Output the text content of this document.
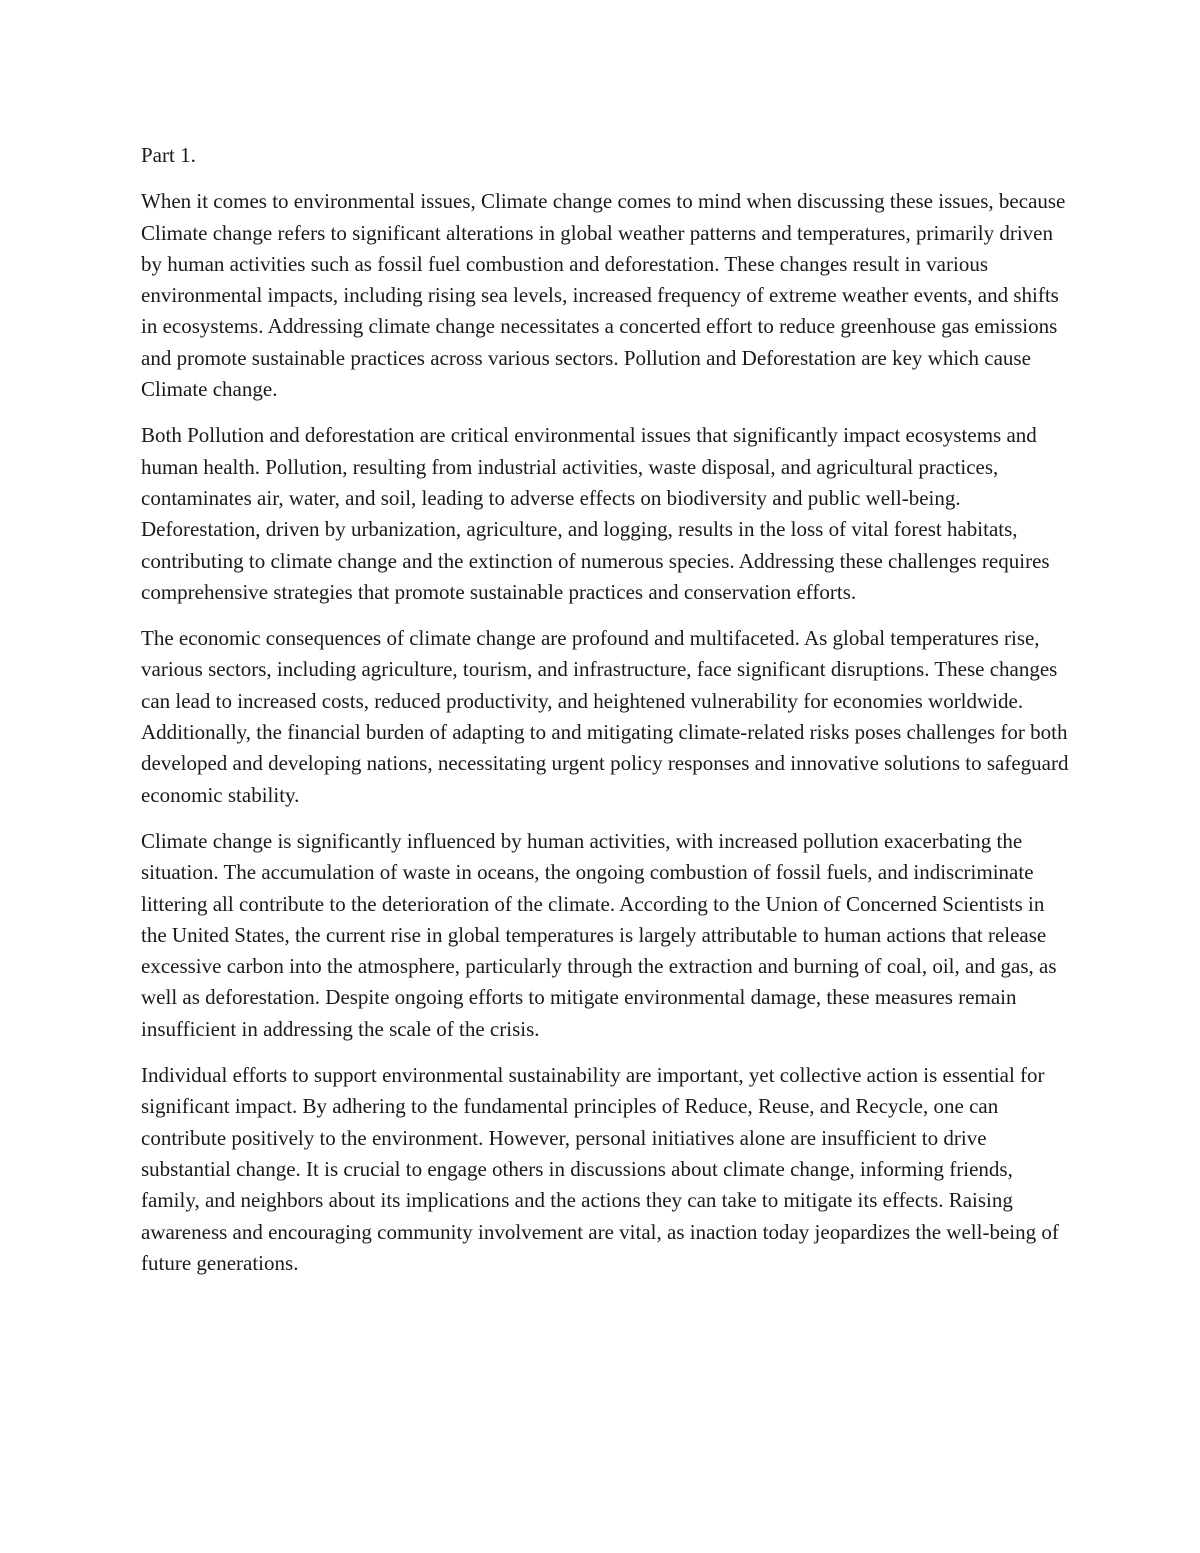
Part 1.

When it comes to environmental issues, Climate change comes to mind when discussing these issues, because Climate change refers to significant alterations in global weather patterns and temperatures, primarily driven by human activities such as fossil fuel combustion and deforestation. These changes result in various environmental impacts, including rising sea levels, increased frequency of extreme weather events, and shifts in ecosystems. Addressing climate change necessitates a concerted effort to reduce greenhouse gas emissions and promote sustainable practices across various sectors. Pollution and Deforestation are key which cause Climate change.

Both Pollution and deforestation are critical environmental issues that significantly impact ecosystems and human health. Pollution, resulting from industrial activities, waste disposal, and agricultural practices, contaminates air, water, and soil, leading to adverse effects on biodiversity and public well-being. Deforestation, driven by urbanization, agriculture, and logging, results in the loss of vital forest habitats, contributing to climate change and the extinction of numerous species. Addressing these challenges requires comprehensive strategies that promote sustainable practices and conservation efforts.

The economic consequences of climate change are profound and multifaceted. As global temperatures rise, various sectors, including agriculture, tourism, and infrastructure, face significant disruptions. These changes can lead to increased costs, reduced productivity, and heightened vulnerability for economies worldwide. Additionally, the financial burden of adapting to and mitigating climate-related risks poses challenges for both developed and developing nations, necessitating urgent policy responses and innovative solutions to safeguard economic stability.

Climate change is significantly influenced by human activities, with increased pollution exacerbating the situation. The accumulation of waste in oceans, the ongoing combustion of fossil fuels, and indiscriminate littering all contribute to the deterioration of the climate. According to the Union of Concerned Scientists in the United States, the current rise in global temperatures is largely attributable to human actions that release excessive carbon into the atmosphere, particularly through the extraction and burning of coal, oil, and gas, as well as deforestation. Despite ongoing efforts to mitigate environmental damage, these measures remain insufficient in addressing the scale of the crisis.

Individual efforts to support environmental sustainability are important, yet collective action is essential for significant impact. By adhering to the fundamental principles of Reduce, Reuse, and Recycle, one can contribute positively to the environment. However, personal initiatives alone are insufficient to drive substantial change. It is crucial to engage others in discussions about climate change, informing friends, family, and neighbors about its implications and the actions they can take to mitigate its effects. Raising awareness and encouraging community involvement are vital, as inaction today jeopardizes the well-being of future generations.
